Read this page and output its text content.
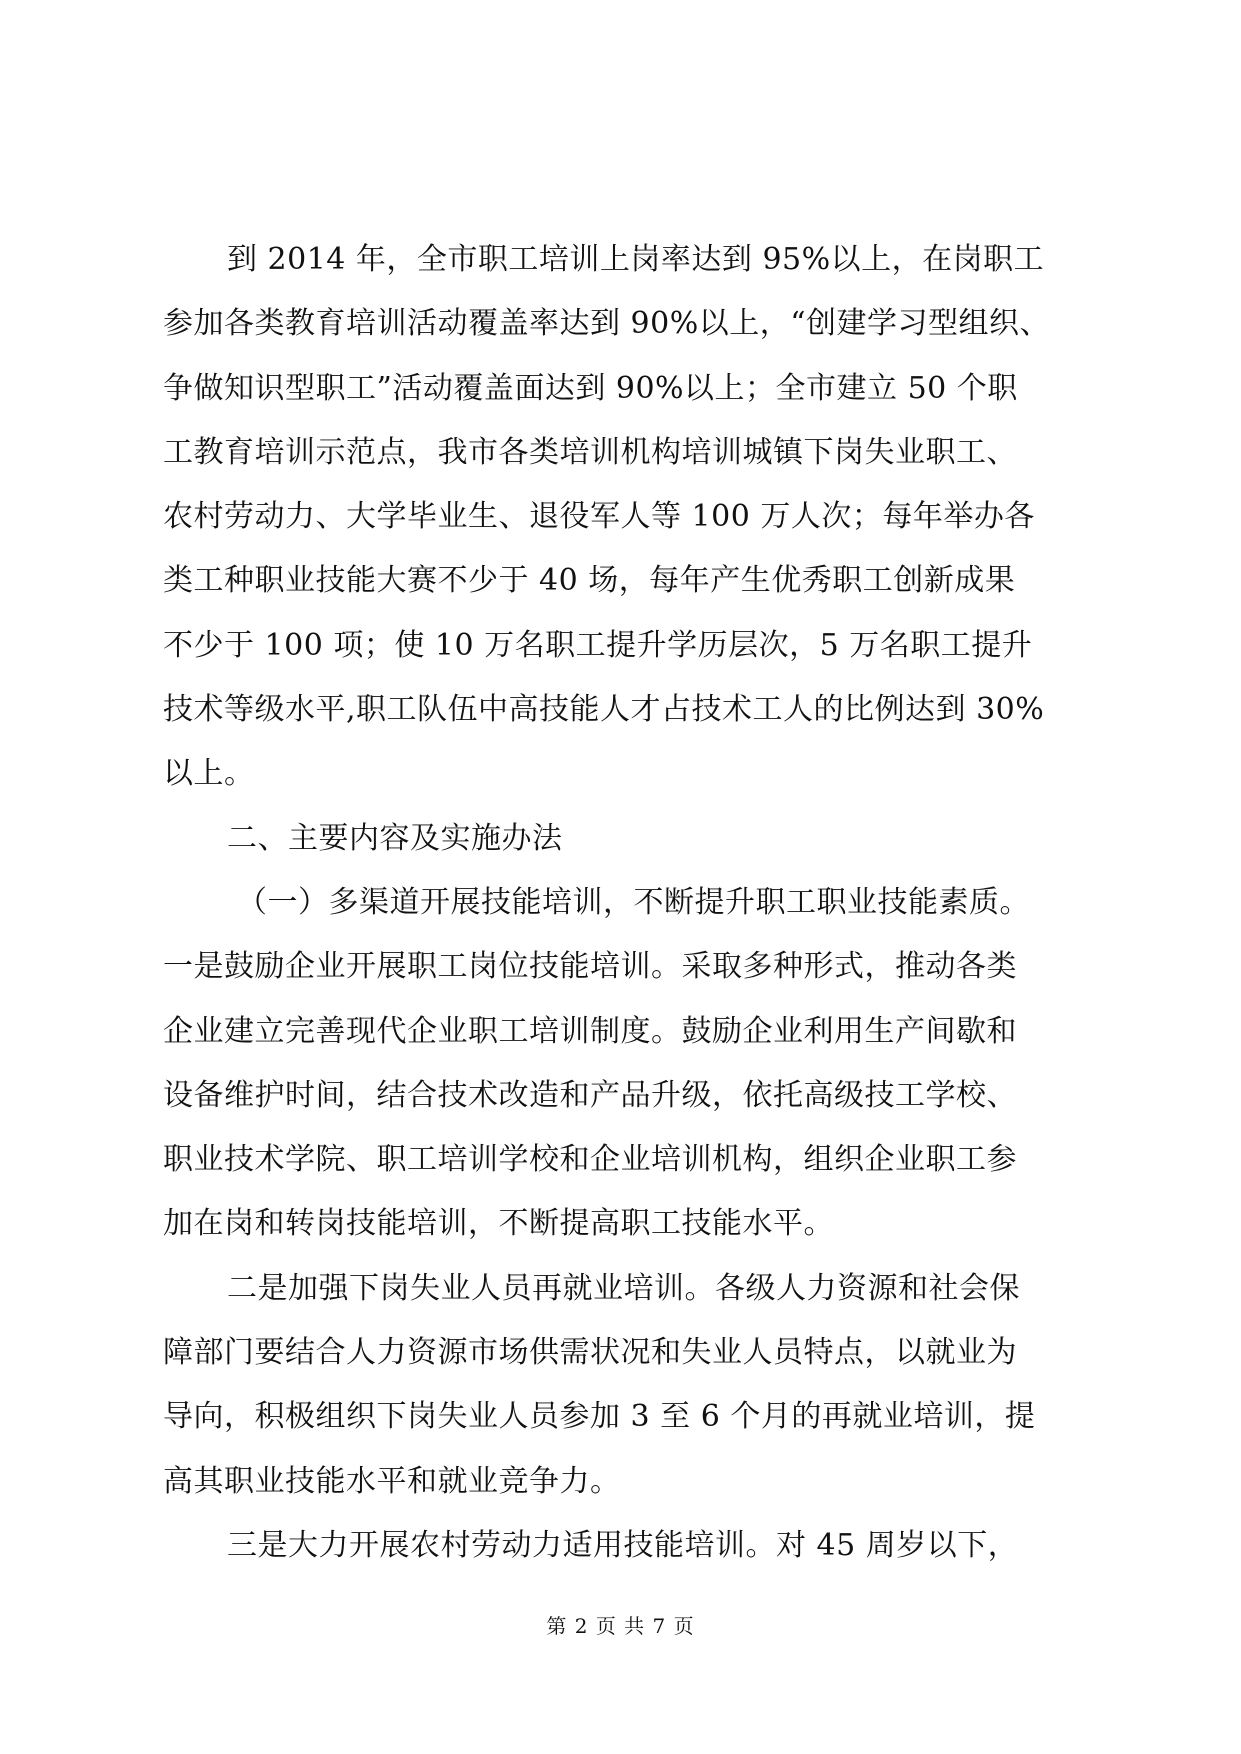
到 2014 年，全市职工培训上岗率达到 95%以上，在岗职工
参加各类教育培训活动覆盖率达到 90%以上，“创建学习型组织、
争做知识型职工”活动覆盖面达到 90%以上；全市建立 50 个职
工教育培训示范点，我市各类培训机构培训城镇下岗失业职工、
农村劳动力、大学毕业生、退役军人等 100 万人次；每年举办各
类工种职业技能大赛不少于 40 场，每年产生优秀职工创新成果
不少于 100 项；使 10 万名职工提升学历层次，5 万名职工提升
技术等级水平,职工队伍中高技能人才占技术工人的比例达到 30%
以上。
二、主要内容及实施办法
（一）多渠道开展技能培训，不断提升职工职业技能素质。
一是鼓励企业开展职工岗位技能培训。采取多种形式，推动各类
企业建立完善现代企业职工培训制度。鼓励企业利用生产间歇和
设备维护时间，结合技术改造和产品升级，依托高级技工学校、
职业技术学院、职工培训学校和企业培训机构，组织企业职工参
加在岗和转岗技能培训，不断提高职工技能水平。
二是加强下岗失业人员再就业培训。各级人力资源和社会保
障部门要结合人力资源市场供需状况和失业人员特点，以就业为
导向，积极组织下岗失业人员参加 3 至 6 个月的再就业培训，提
高其职业技能水平和就业竞争力。
三是大力开展农村劳动力适用技能培训。对 45 周岁以下，
第 2 页 共 7 页
